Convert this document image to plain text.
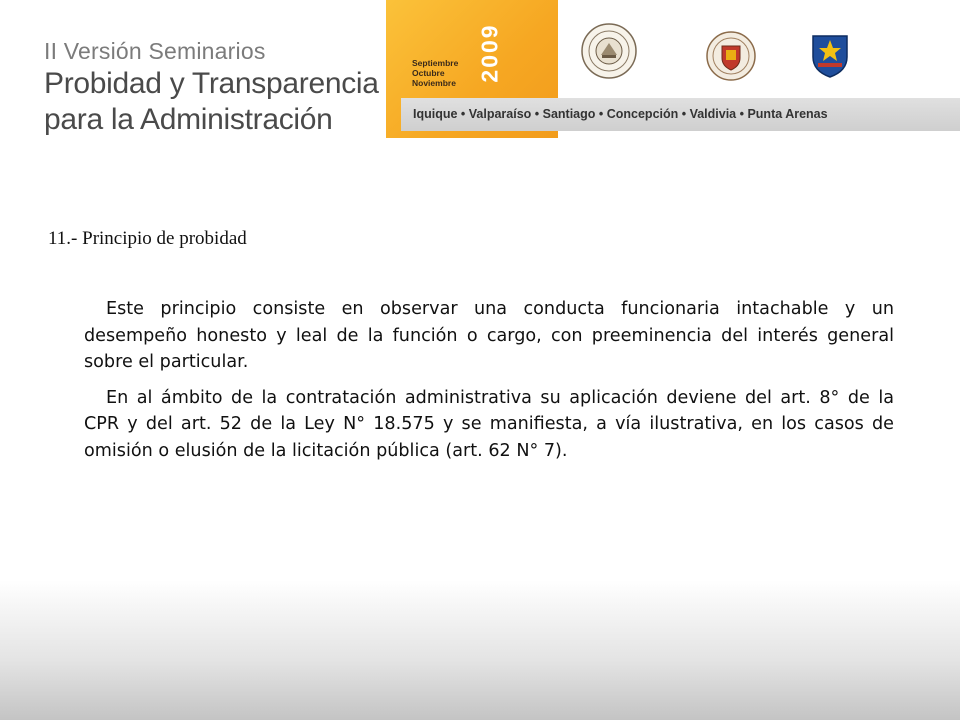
II Versión Seminarios
Probidad y Transparencia
para la Administración
Septiembre
Octubre
Noviembre
2009
Iquique • Valparaíso • Santiago • Concepción • Valdivia • Punta Arenas
11.- Principio de probidad

Este principio consiste en observar una conducta funcionaria intachable y un desempeño honesto y leal de la función o cargo, con preeminencia del interés general sobre el particular.

En al ámbito de la contratación administrativa su aplicación deviene del art. 8° de la CPR y del art. 52 de la Ley N° 18.575 y se manifiesta, a vía ilustrativa, en los casos de omisión o elusión de la licitación pública (art. 62 N° 7).
